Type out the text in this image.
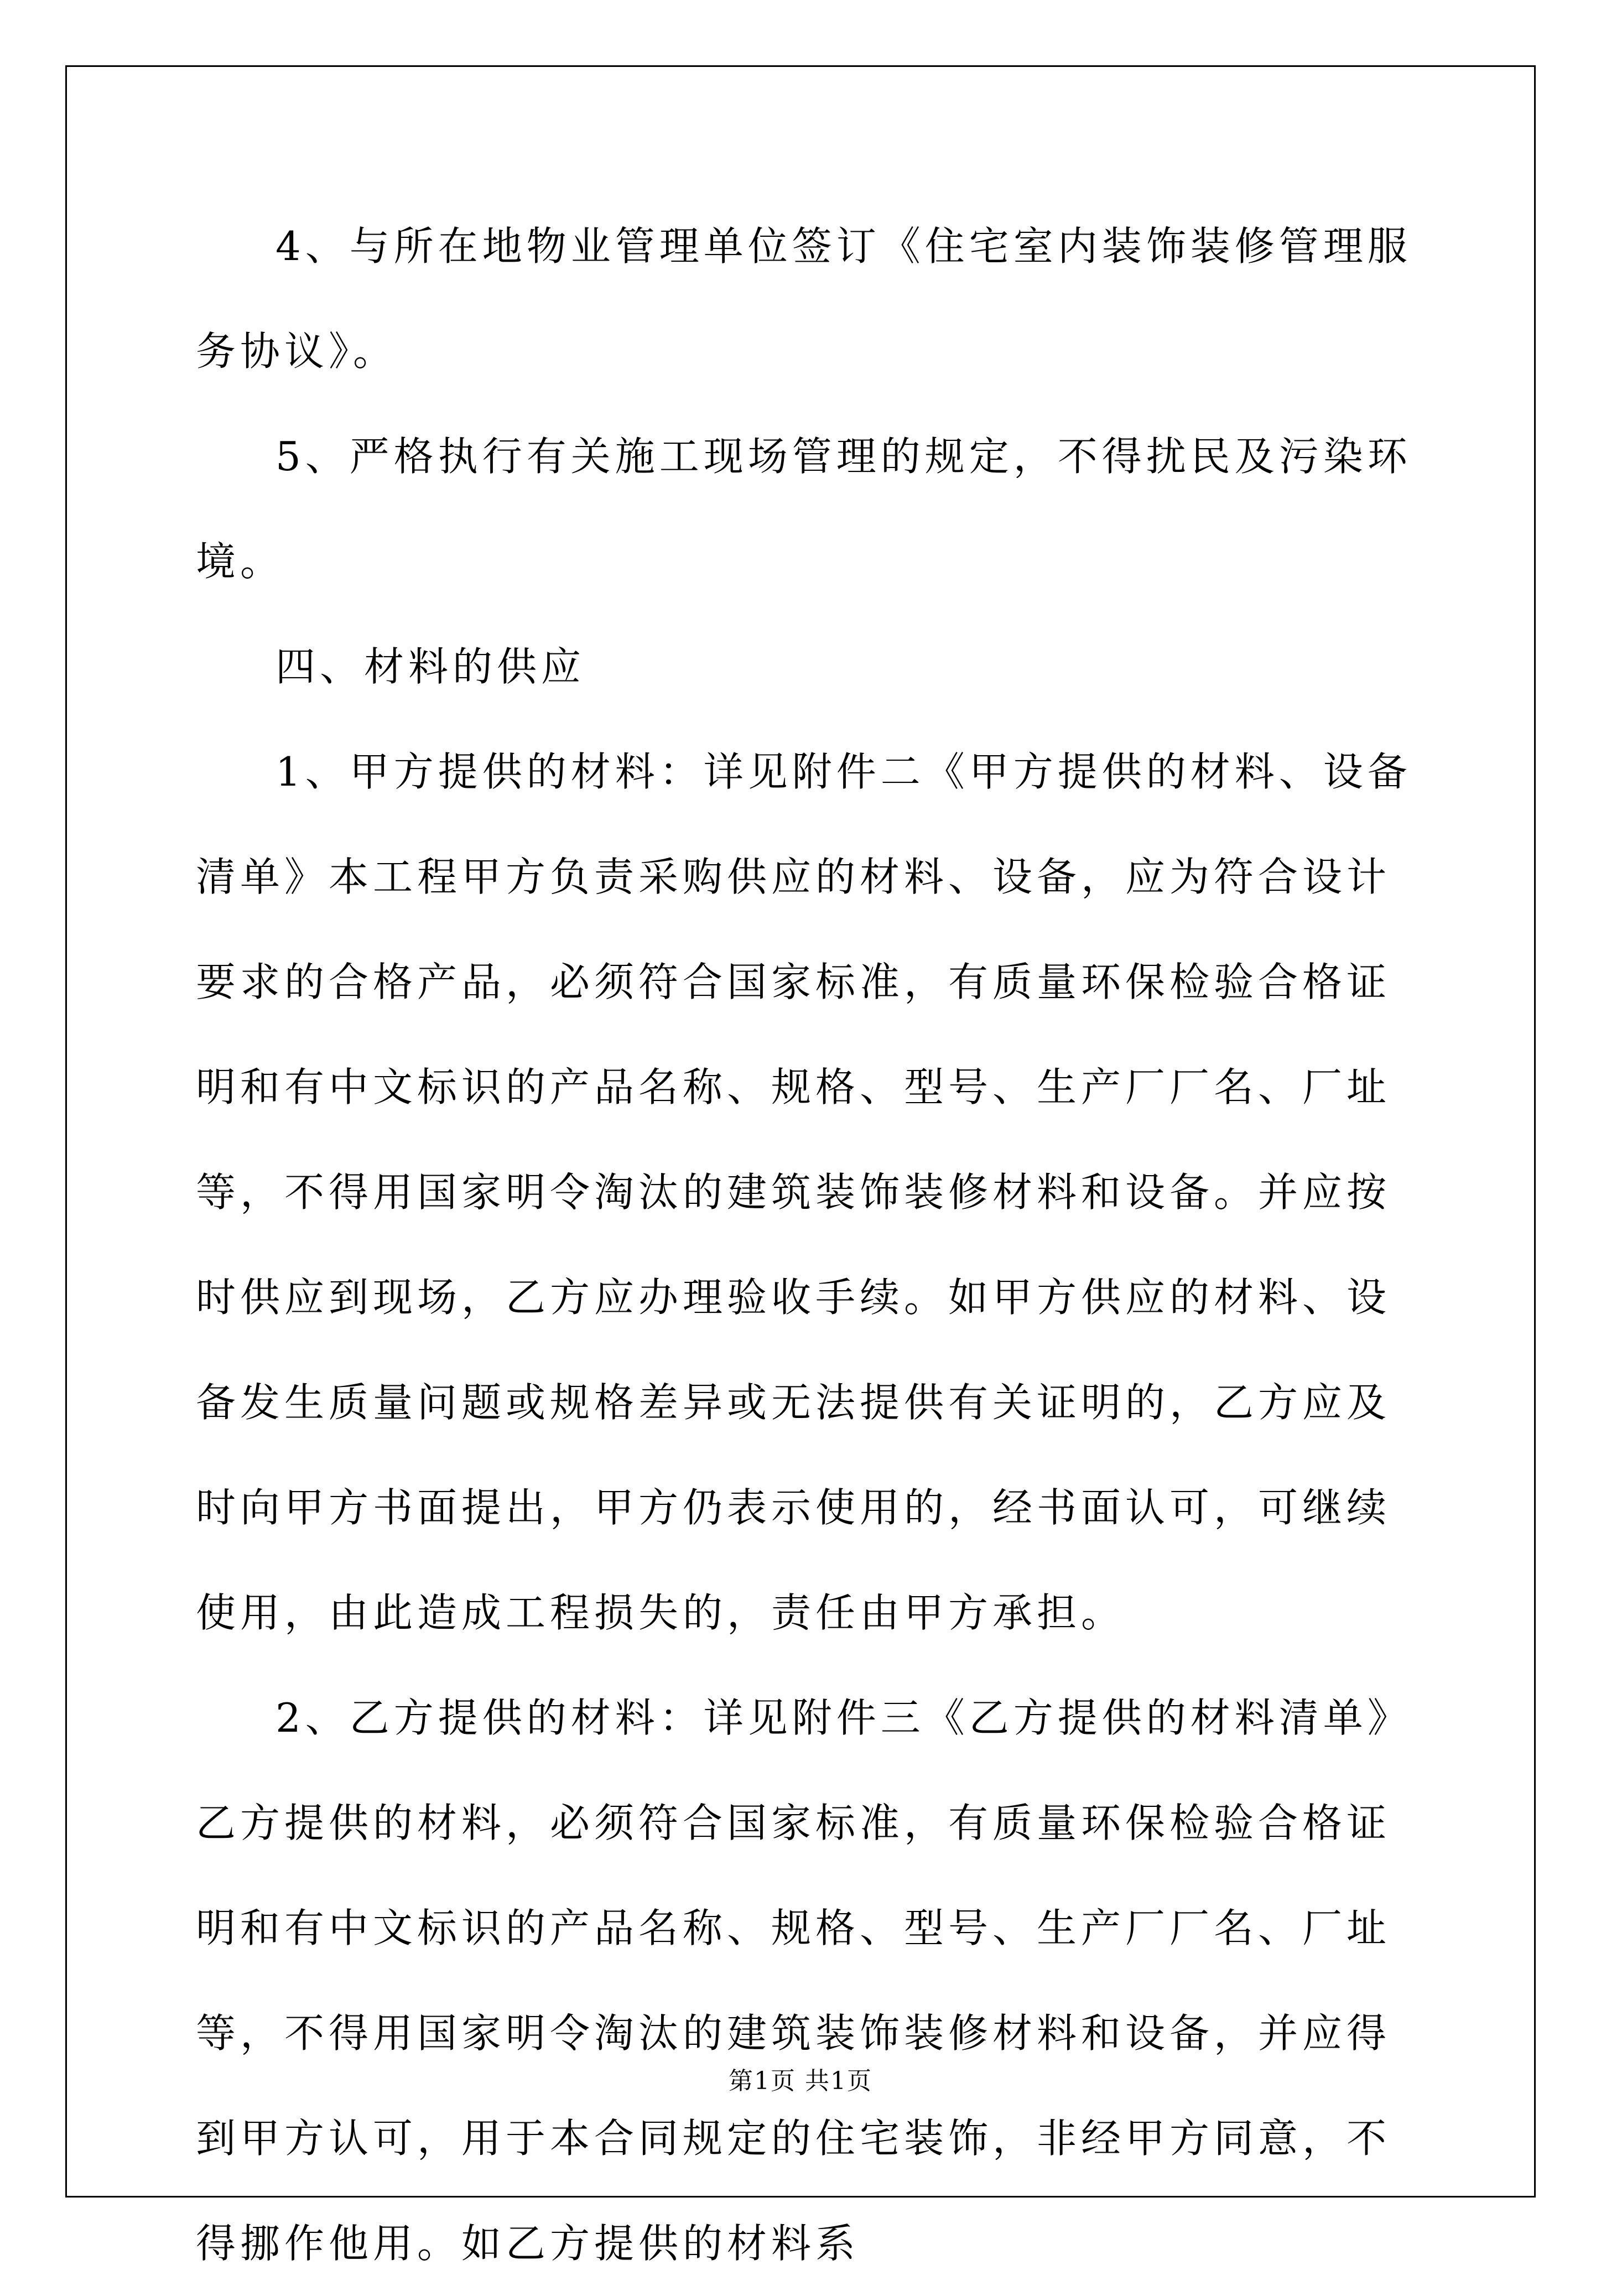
4、与所在地物业管理单位签订《住宅室内装饰装修管理服务协议》。

5、严格执行有关施工现场管理的规定，不得扰民及污染环境。

四、材料的供应

1、甲方提供的材料：详见附件二《甲方提供的材料、设备清单》本工程甲方负责采购供应的材料、设备，应为符合设计要求的合格产品，必须符合国家标准，有质量环保检验合格证明和有中文标识的产品名称、规格、型号、生产厂厂名、厂址等，不得用国家明令淘汰的建筑装饰装修材料和设备。并应按时供应到现场，乙方应办理验收手续。如甲方供应的材料、设备发生质量问题或规格差异或无法提供有关证明的，乙方应及时向甲方书面提出，甲方仍表示使用的，经书面认可，可继续使用，由此造成工程损失的，责任由甲方承担。

2、乙方提供的材料：详见附件三《乙方提供的材料清单》乙方提供的材料，必须符合国家标准，有质量环保检验合格证明和有中文标识的产品名称、规格、型号、生产厂厂名、厂址等，不得用国家明令淘汰的建筑装饰装修材料和设备，并应得到甲方认可，用于本合同规定的住宅装饰，非经甲方同意，不得挪作他用。如乙方提供的材料系

第1页 共1页
